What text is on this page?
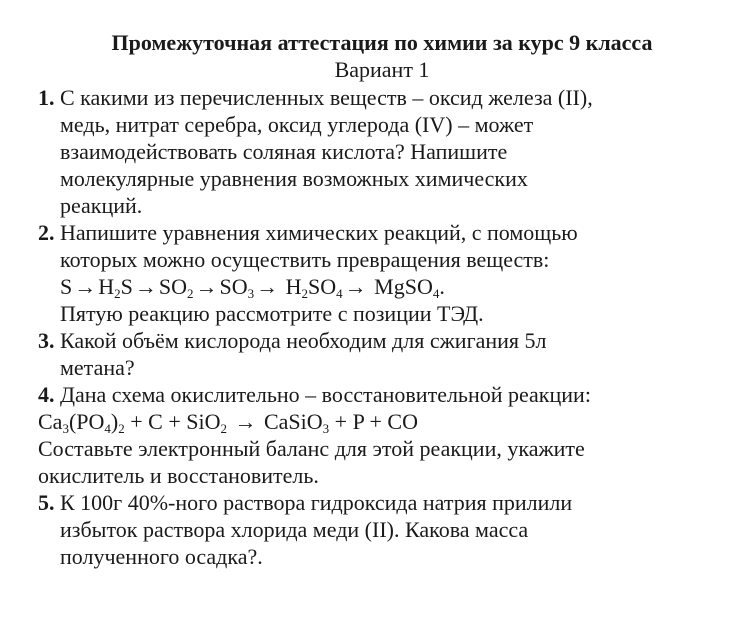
Промежуточная аттестация по химии за курс 9 класса
Вариант 1
1. С какими из перечисленных веществ – оксид железа (II),
медь, нитрат серебра, оксид углерода (IV) – может
взаимодействовать соляная кислота? Напишите
молекулярные уравнения возможных химических
реакций.
2. Напишите уравнения химических реакций, с помощью
которых можно осуществить превращения веществ:
$S\to H_2S\to SO_2\to SO_3\to H_2SO_4\to$ MgSO$_4$.
Пятую реакцию рассмотрите с позиции ТЭД.
3. Какой объём кислорода необходим для сжигания 5л
метана?
4. Дана схема окислительно – восстановительной реакции:
$Ca_3(PO_4)_2 + C + SiO_2$ → CaSiO$_3$ + P + CO
Составьте электронный баланс для этой реакции, укажите
окислитель и восстановитель.
5. К 100г 40%-ного раствора гидроксида натрия прилили
избыток раствора хлорида меди (II). Какова масса
полученного осадка?.
